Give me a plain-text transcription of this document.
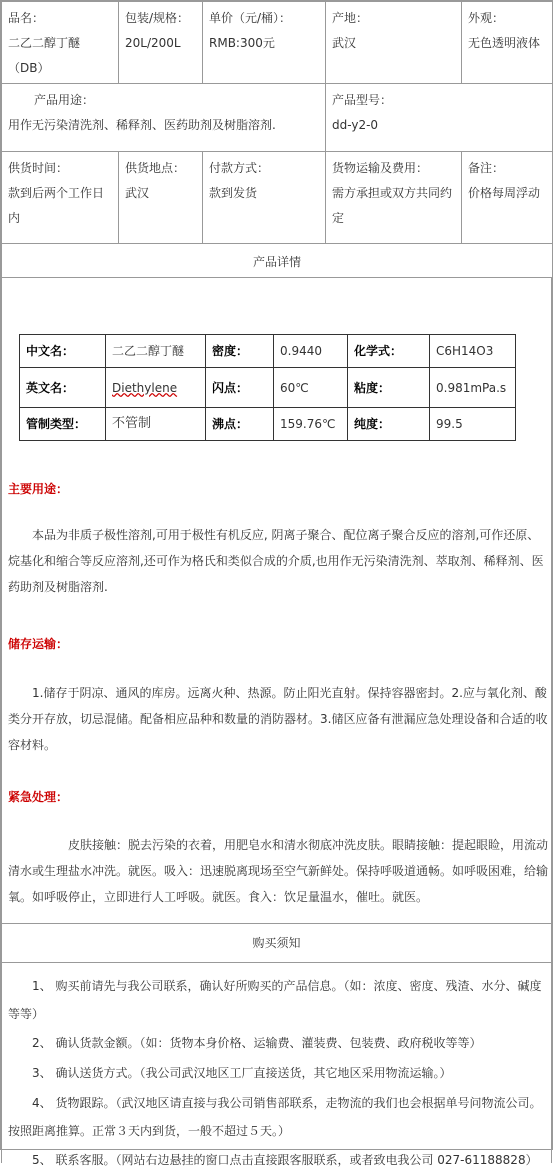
品名：
二乙二醇丁醚（DB）	包装/规格：
20L/200L	单价（元/桶）：
RMB:300元	产地：
武汉	外观：
无色透明液体

产品用途：
用作无污染清洗剂、稀释剂、医药助剂及树脂溶剂.			产品型号：
dd-y2-0	

供货时间：
款到后两个工作日
内	供货地点：
武汉	付款方式：
款到发货	货物运输及费用：
需方承担或双方共同约
定	备注：
价格每周浮动

产品详情				
中文名：	二乙二醇丁醚	密度：	0.9440	化学式：	C6H14O3
英文名：	Diethylene	闪点：	60℃	粘度：	0.981mPa.s
管制类型：	不管制	沸点：	159.76℃	纯度：	99.5
主要用途：
本品为非质子极性溶剂,可用于极性有机反应, 阴离子聚合、配位离子聚合反应的溶剂,可作还原、烷基化和缩合等反应溶剂,还可作为格氏和类似合成的介质,也用作无污染清洗剂、萃取剂、稀释剂、医药助剂及树脂溶剂.
储存运输：
1.储存于阴凉、通风的库房。远离火种、热源。防止阳光直射。保持容器密封。2.应与氧化剂、酸类分开存放，切忌混储。配备相应品种和数量的消防器材。3.储区应备有泄漏应急处理设备和合适的收容材料。
紧急处理：
皮肤接触：脱去污染的衣着，用肥皂水和清水彻底冲洗皮肤。眼睛接触：提起眼睑，用流动清水或生理盐水冲洗。就医。吸入：迅速脱离现场至空气新鲜处。保持呼吸道通畅。如呼吸困难，给输氧。如呼吸停止，立即进行人工呼吸。就医。食入：饮足量温水，催吐。就医。
购买须知
1、 购买前请先与我公司联系，确认好所购买的产品信息。（如：浓度、密度、残渣、水分、碱度等等）
2、 确认货款金额。（如：货物本身价格、运输费、灌装费、包装费、政府税收等等）
3、 确认送货方式。（我公司武汉地区工厂直接送货，其它地区采用物流运输。）
4、 货物跟踪。（武汉地区请直接与我公司销售部联系，走物流的我们也会根据单号问物流公司。按照距离推算。正常３天内到货，一般不超过５天。）
5、 联系客服。（网站右边悬挂的窗口点击直接跟客服联系，或者致电我公司 027-61188828）
